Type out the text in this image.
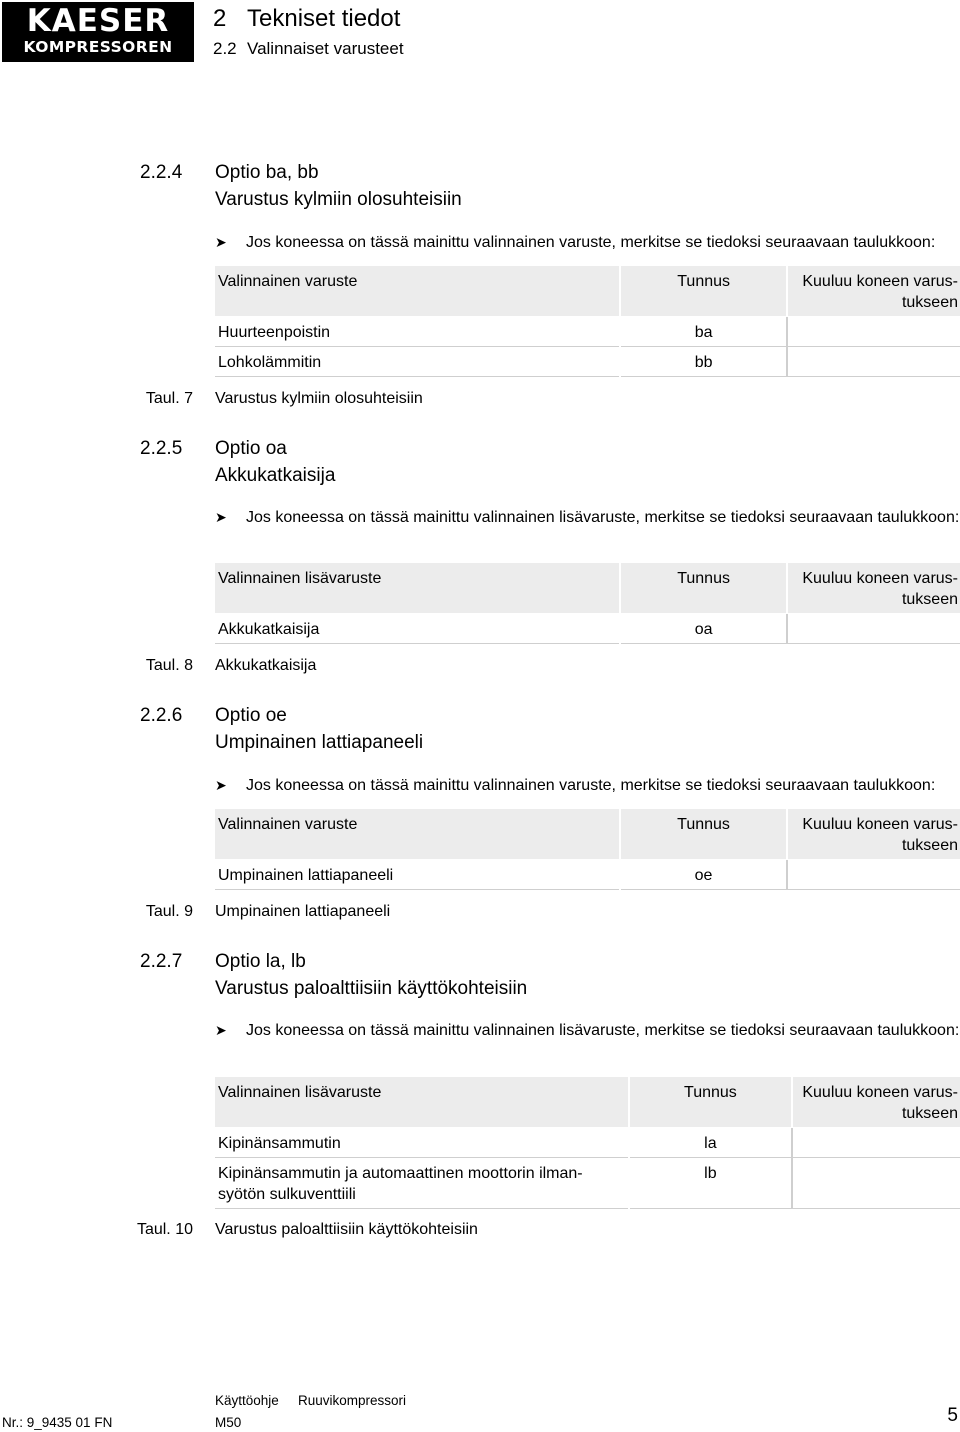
KAESER
KOMPRESSOREN
2 Tekniset tiedot
2.2 Valinnaiset varusteet
2.2.4 Optio ba, bb
Varustus kylmiin olosuhteisiin
➤ Jos koneessa on tässä mainittu valinnainen varuste, merkitse se tiedoksi seuraavaan taulukkoon:
Valinnainen varuste	Tunnus	Kuuluu koneen varustukseen
Huurteenpoistin	ba	
Lohkolämmitin	bb	
Taul. 7 Varustus kylmiin olosuhteisiin
2.2.5 Optio oa
Akkukatkaisija
➤ Jos koneessa on tässä mainittu valinnainen lisävaruste, merkitse se tiedoksi seuraavaan taulukkoon:
Valinnainen lisävaruste	Tunnus	Kuuluu koneen varustukseen
Akkukatkaisija	oa	
Taul. 8 Akkukatkaisija
2.2.6 Optio oe
Umpinainen lattiapaneeli
➤ Jos koneessa on tässä mainittu valinnainen varuste, merkitse se tiedoksi seuraavaan taulukkoon:
Valinnainen varuste	Tunnus	Kuuluu koneen varustukseen
Umpinainen lattiapaneeli	oe	
Taul. 9 Umpinainen lattiapaneeli
2.2.7 Optio la, lb
Varustus paloalttiisiin käyttökohteisiin
➤ Jos koneessa on tässä mainittu valinnainen lisävaruste, merkitse se tiedoksi seuraavaan taulukkoon:
Valinnainen lisävaruste	Tunnus	Kuuluu koneen varustukseen
Kipinänsammutin	la	
Kipinänsammutin ja automaattinen moottorin ilmansyötön sulkuventtiili	lb	
Taul. 10 Varustus paloalttiisiin käyttökohteisiin
Käyttöohje Ruuvikompressori
Nr.: 9_9435 01 FN	M50	5
